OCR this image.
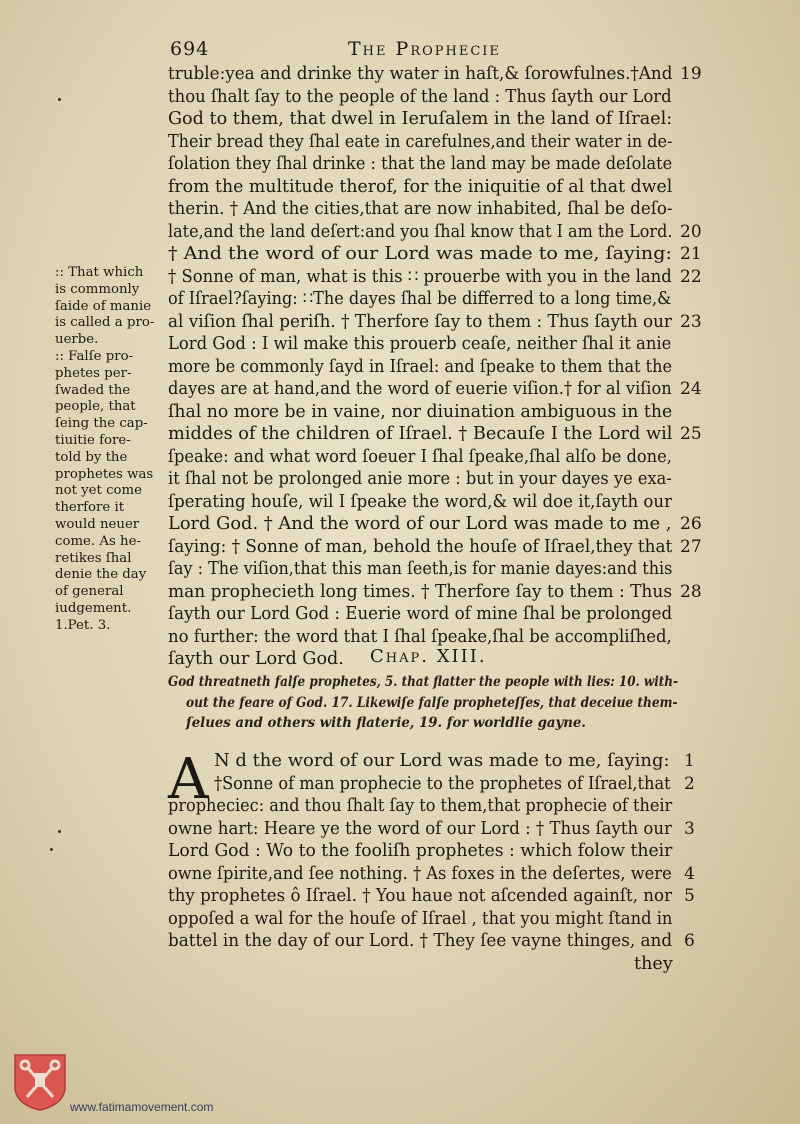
694	The Prophecie
truble:yea and drinke thy water in haſt,& ſorowfulnes.†And
thou ſhalt ſay to the people of the land : Thus ſayth our Lord
God to them, that dwel in Ieruſalem in the land of Iſrael:
Their bread they ſhal eate in carefulnes,and their water in de-
ſolation they ſhal drinke : that the land may be made deſolate
from the multitude therof, for the iniquitie of al that dwel
therin. † And the cities,that are now inhabited, ſhal be deſo-
late,and the land deſert:and you ſhal know that I am the Lord.
† And the word of our Lord was made to me, ſaying:
† Sonne of man, what is this ∷ prouerbe with you in the land
of Iſrael?ſaying: ∷The dayes ſhal be differred to a long time,&
al viſion ſhal periſh. † Therfore ſay to them : Thus ſayth our
Lord God : I wil make this prouerb ceaſe, neither ſhal it anie
more be commonly ſayd in Iſrael: and ſpeake to them that the
dayes are at hand,and the word of euerie viſion.† for al viſion
ſhal no more be in vaine, nor diuination ambiguous in the
middes of the children of Iſrael. † Becauſe I the Lord wil
ſpeake: and what word ſoeuer I ſhal ſpeake,ſhal alſo be done,
it ſhal not be prolonged anie more : but in your dayes ye exa-
ſperating houſe, wil I ſpeake the word,& wil doe it,ſayth our
Lord God. † And the word of our Lord was made to me ,
ſaying: † Sonne of man, behold the houſe of Iſrael,they that
ſay : The viſion,that this man ſeeth,is for manie dayes:and this
man prophecieth long times. † Therfore ſay to them : Thus
ſayth our Lord God : Euerie word of mine ſhal be prolonged
no further: the word that I ſhal ſpeake,ſhal be accompliſhed,
ſayth our Lord God.
19
20
21
22
23
24
25
26
27
28
:: That which
is commonly
ſaide of manie
is called a pro-
uerbe.
:: Falſe pro-
phetes per-
ſwaded the
people, that
ſeing the cap-
tiuitie fore-
told by the
prophetes was
not yet come
therfore it
would neuer
come. As he-
retikes ſhal
denie the day
of general
iudgement.
1.Pet. 3.
Chap. XIII.
God threatneth falſe prophetes, 5. that flatter the people with lies: 10. with-
out the feare of God. 17. Likewiſe falſe propheteſſes, that deceiue them-
ſelues and others with flaterie, 19. for worldlie gayne.
A N d the word of our Lord was made to me, ſaying:
†Sonne of man prophecie to the prophetes of Iſrael,that
propheciec: and thou ſhalt ſay to them,that prophecie of their
owne hart: Heare ye the word of our Lord : † Thus ſayth our
Lord God : Wo to the fooliſh prophetes : which folow their
owne ſpirite,and ſee nothing. † As foxes in the deſertes, were
thy prophetes ô Iſrael. † You haue not aſcended againſt, nor
oppoſed a wal for the houſe of Iſrael , that you might ſtand in
battel in the day of our Lord. † They ſee vayne thinges, and
they
1
2
3
4
5
6
www.fatimamovement.com
